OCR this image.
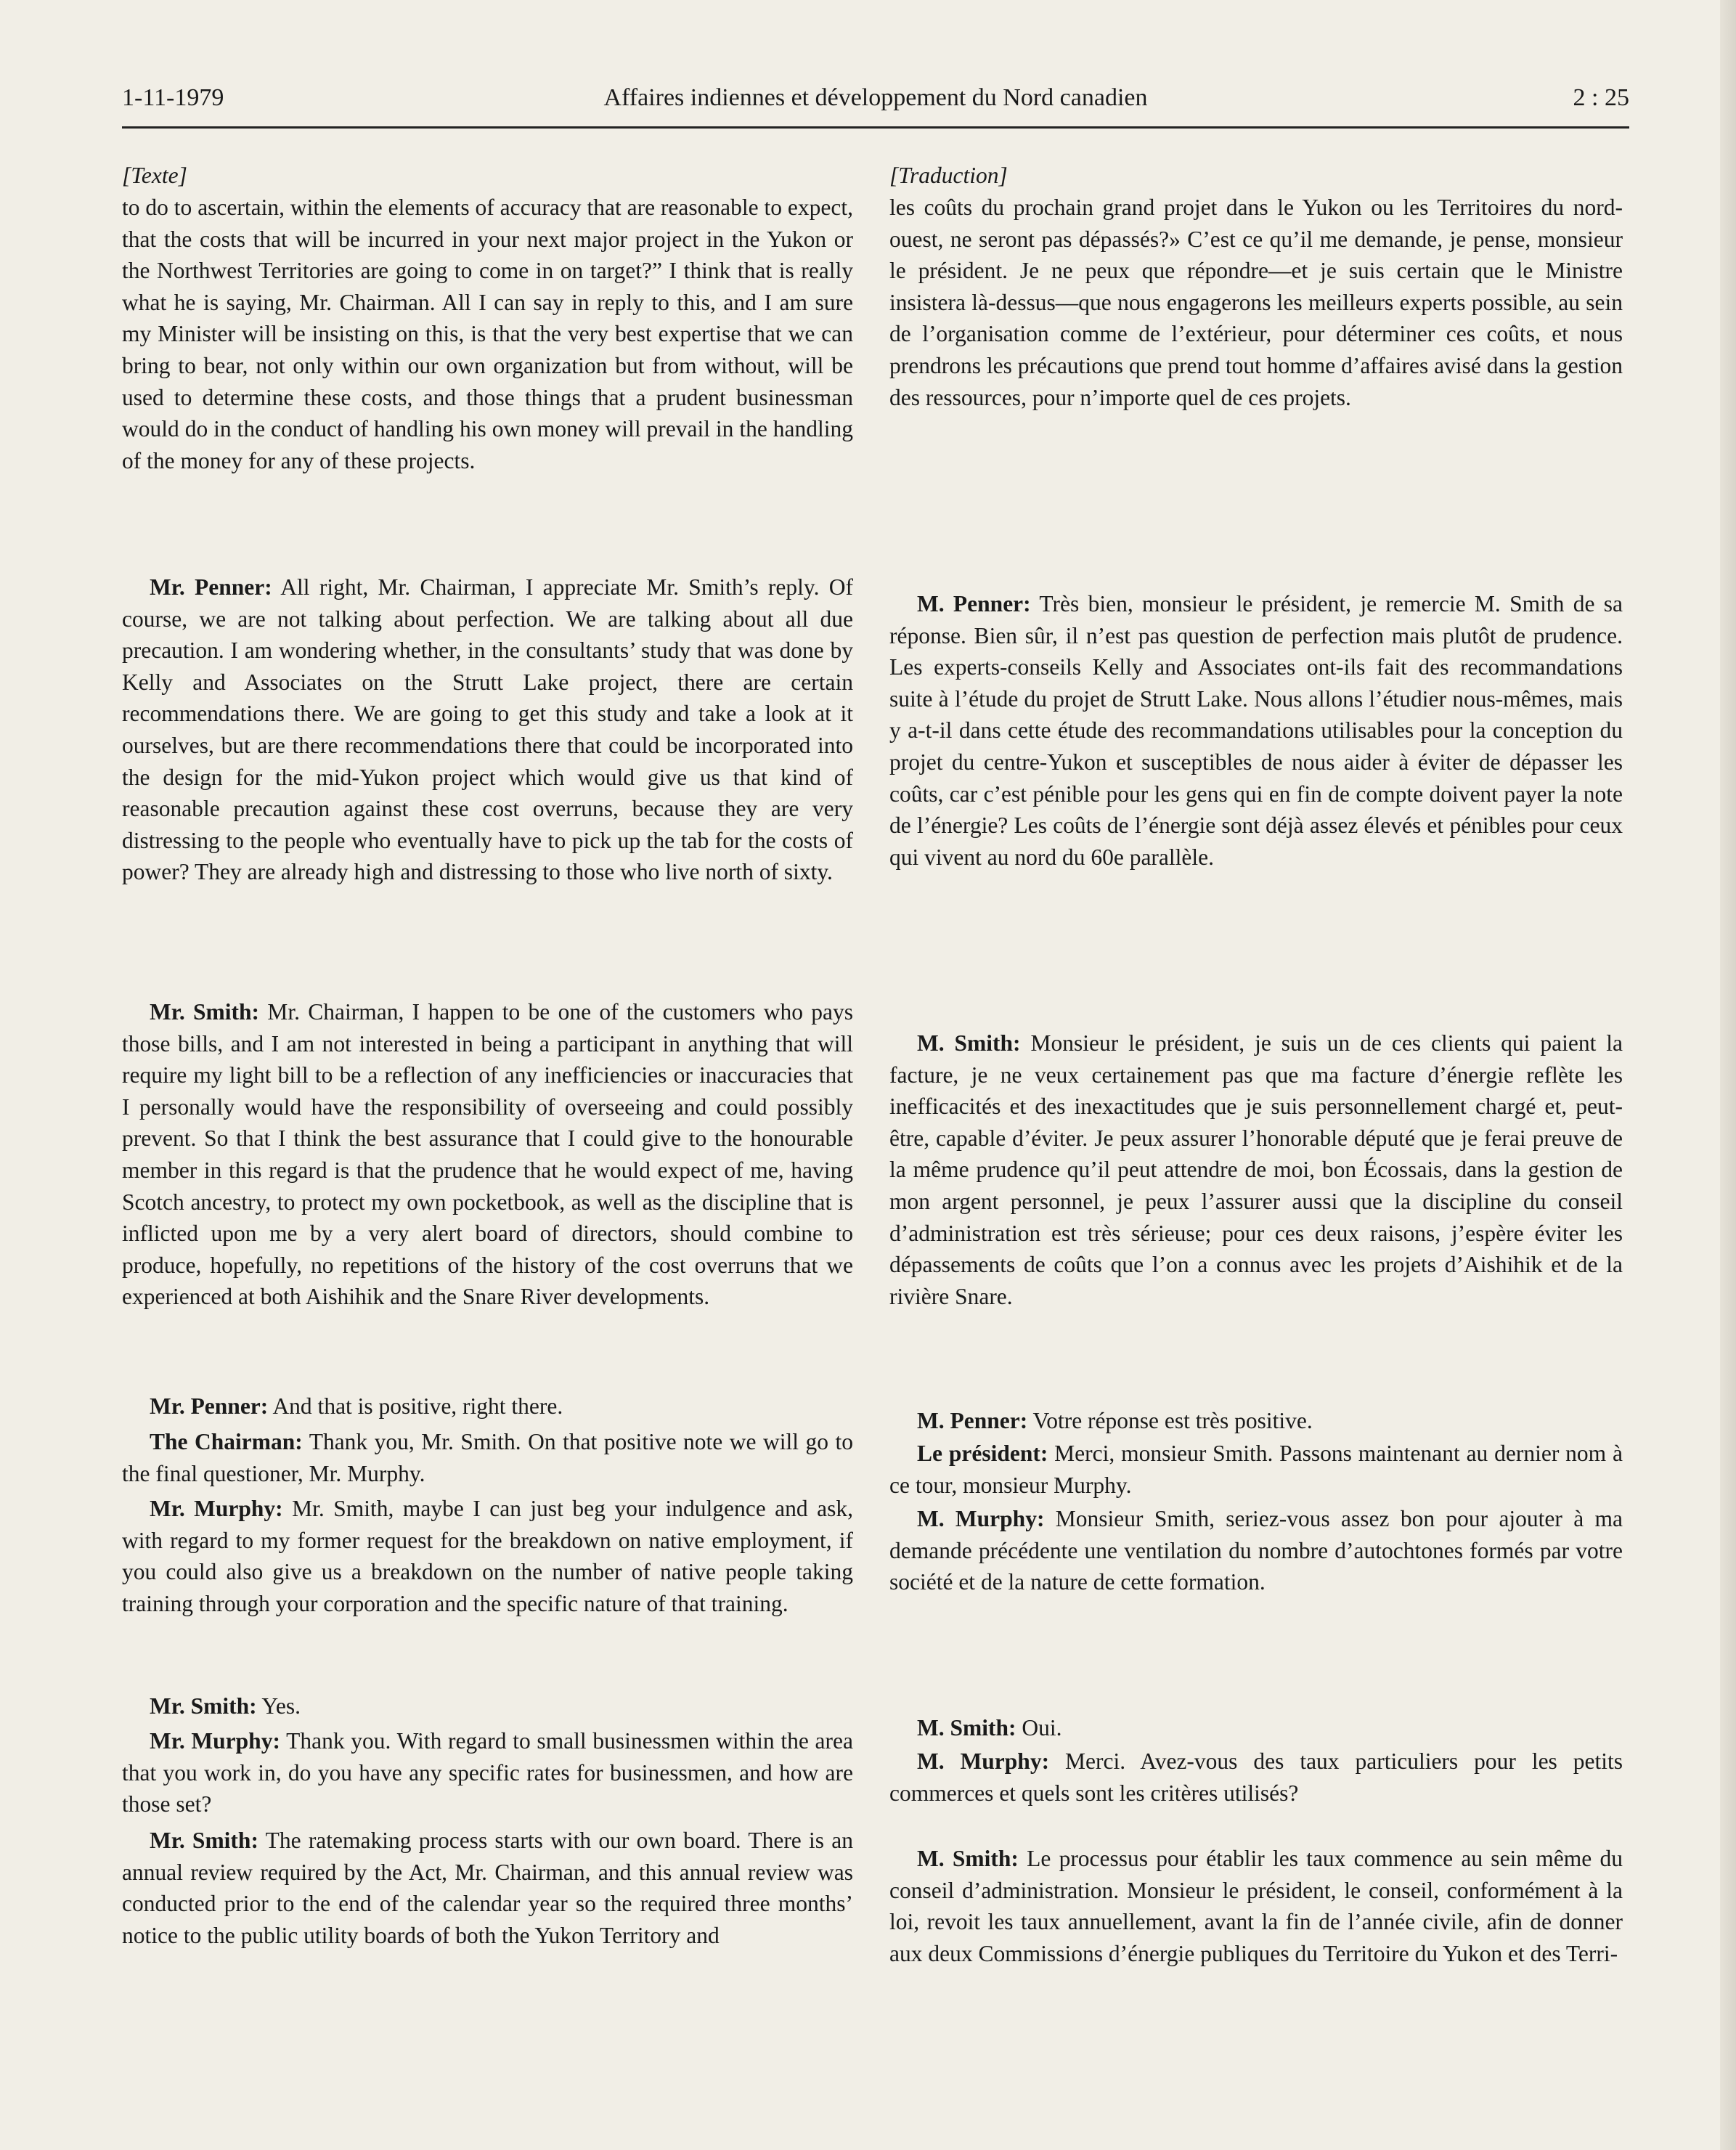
1-11-1979	Affaires indiennes et développement du Nord canadien	2 : 25

[Texte]

to do to ascertain, within the elements of accuracy that are reasonable to expect, that the costs that will be incurred in your next major project in the Yukon or the Northwest Territories are going to come in on target?” I think that is really what he is saying, Mr. Chairman. All I can say in reply to this, and I am sure my Minister will be insisting on this, is that the very best expertise that we can bring to bear, not only within our own organization but from without, will be used to determine these costs, and those things that a prudent businessman would do in the conduct of handling his own money will prevail in the handling of the money for any of these projects.

Mr. Penner: All right, Mr. Chairman, I appreciate Mr. Smith’s reply. Of course, we are not talking about perfection. We are talking about all due precaution. I am wondering whether, in the consultants’ study that was done by Kelly and Associates on the Strutt Lake project, there are certain recommendations there. We are going to get this study and take a look at it ourselves, but are there recommendations there that could be incorporated into the design for the mid-Yukon project which would give us that kind of reasonable precaution against these cost overruns, because they are very distressing to the people who eventually have to pick up the tab for the costs of power? They are already high and distressing to those who live north of sixty.

Mr. Smith: Mr. Chairman, I happen to be one of the customers who pays those bills, and I am not interested in being a participant in anything that will require my light bill to be a reflection of any inefficiencies or inaccuracies that I personally would have the responsibility of overseeing and could possibly prevent. So that I think the best assurance that I could give to the honourable member in this regard is that the prudence that he would expect of me, having Scotch ancestry, to protect my own pocketbook, as well as the discipline that is inflicted upon me by a very alert board of directors, should combine to produce, hopefully, no repetitions of the history of the cost overruns that we experienced at both Aishihik and the Snare River developments.

Mr. Penner: And that is positive, right there.

The Chairman: Thank you, Mr. Smith. On that positive note we will go to the final questioner, Mr. Murphy.

Mr. Murphy: Mr. Smith, maybe I can just beg your indulgence and ask, with regard to my former request for the breakdown on native employment, if you could also give us a breakdown on the number of native people taking training through your corporation and the specific nature of that training.

Mr. Smith: Yes.

Mr. Murphy: Thank you. With regard to small businessmen within the area that you work in, do you have any specific rates for businessmen, and how are those set?

Mr. Smith: The ratemaking process starts with our own board. There is an annual review required by the Act, Mr. Chairman, and this annual review was conducted prior to the end of the calendar year so the required three months’ notice to the public utility boards of both the Yukon Territory and

[Traduction]

les coûts du prochain grand projet dans le Yukon ou les Territoires du nord-ouest, ne seront pas dépassés?» C’est ce qu’il me demande, je pense, monsieur le président. Je ne peux que répondre—et je suis certain que le Ministre insistera là-dessus—que nous engagerons les meilleurs experts possible, au sein de l’organisation comme de l’extérieur, pour déterminer ces coûts, et nous prendrons les précautions que prend tout homme d’affaires avisé dans la gestion des ressources, pour n’importe quel de ces projets.

M. Penner: Très bien, monsieur le président, je remercie M. Smith de sa réponse. Bien sûr, il n’est pas question de perfection mais plutôt de prudence. Les experts-conseils Kelly and Associates ont-ils fait des recommandations suite à l’étude du projet de Strutt Lake. Nous allons l’étudier nous-mêmes, mais y a-t-il dans cette étude des recommandations utilisables pour la conception du projet du centre-Yukon et susceptibles de nous aider à éviter de dépasser les coûts, car c’est pénible pour les gens qui en fin de compte doivent payer la note de l’énergie? Les coûts de l’énergie sont déjà assez élevés et pénibles pour ceux qui vivent au nord du 60e parallèle.

M. Smith: Monsieur le président, je suis un de ces clients qui paient la facture, je ne veux certainement pas que ma facture d’énergie reflète les inefficacités et des inexactitudes que je suis personnellement chargé et, peut-être, capable d’éviter. Je peux assurer l’honorable député que je ferai preuve de la même prudence qu’il peut attendre de moi, bon Écossais, dans la gestion de mon argent personnel, je peux l’assurer aussi que la discipline du conseil d’administration est très sérieuse; pour ces deux raisons, j’espère éviter les dépassements de coûts que l’on a connus avec les projets d’Aishihik et de la rivière Snare.

M. Penner: Votre réponse est très positive.

Le président: Merci, monsieur Smith. Passons maintenant au dernier nom à ce tour, monsieur Murphy.

M. Murphy: Monsieur Smith, seriez-vous assez bon pour ajouter à ma demande précédente une ventilation du nombre d’autochtones formés par votre société et de la nature de cette formation.

M. Smith: Oui.

M. Murphy: Merci. Avez-vous des taux particuliers pour les petits commerces et quels sont les critères utilisés?

M. Smith: Le processus pour établir les taux commence au sein même du conseil d’administration. Monsieur le président, le conseil, conformément à la loi, revoit les taux annuellement, avant la fin de l’année civile, afin de donner aux deux Commissions d’énergie publiques du Territoire du Yukon et des Terri-
